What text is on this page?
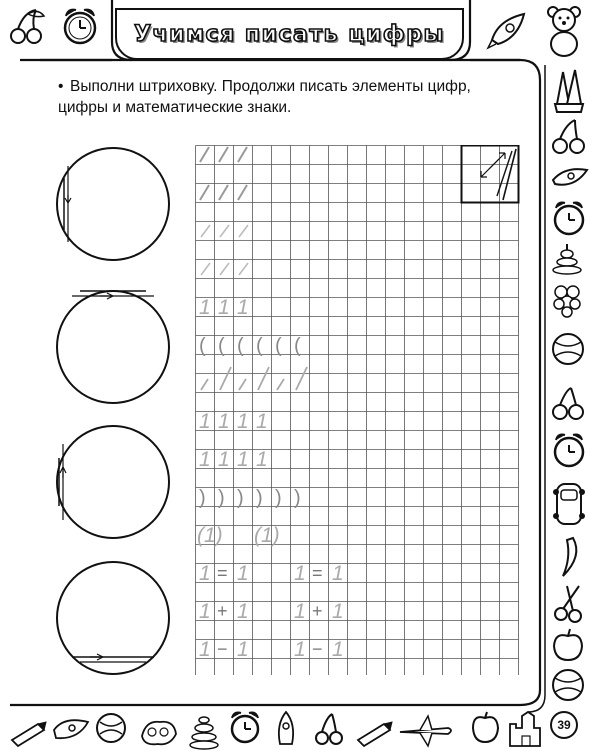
Учимся писать цифры
• Выполни штриховку. Продолжи писать элементы цифр, цифры и математические знаки.
1 1 1
( ( ( ( ( (
1 1 1 1
1 1 1 1
) ) ) ) ) )
(1) (1)
1 = 1 1 = 1
1 + 1 1 + 1
1 − 1 1 − 1
39
